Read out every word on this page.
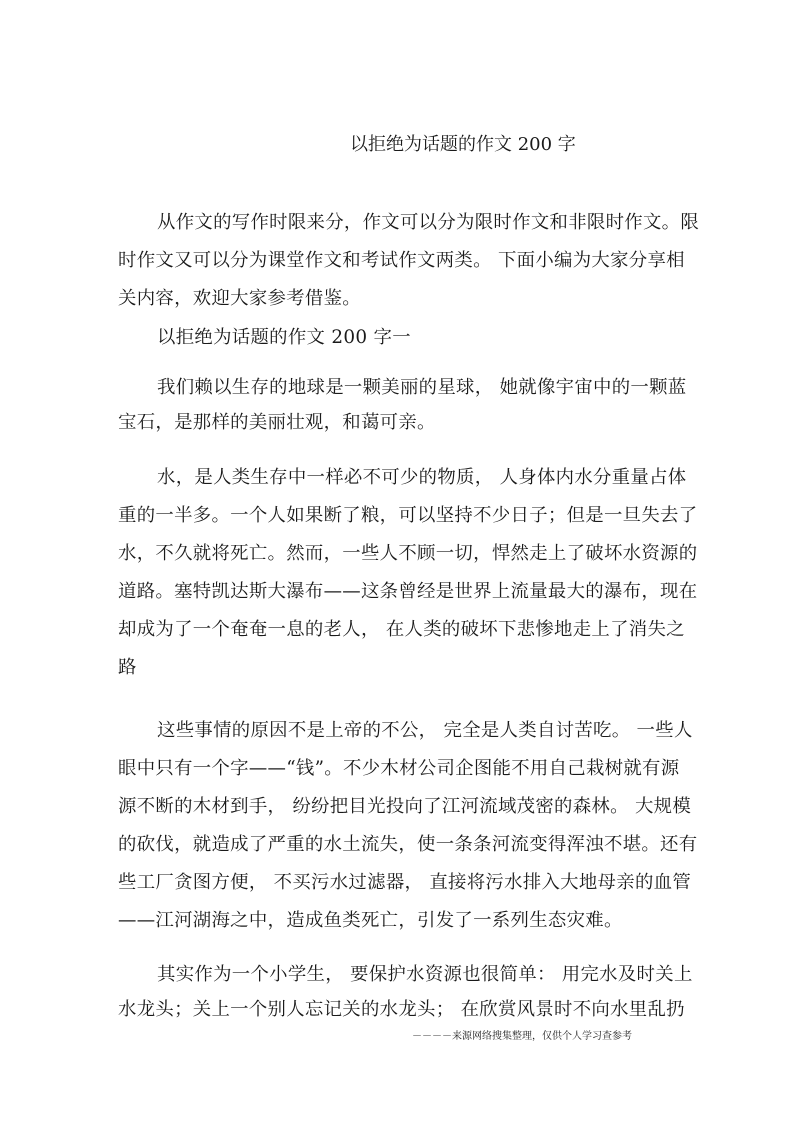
以拒绝为话题的作文 200 字
从作文的写作时限来分，作文可以分为限时作文和非限时作文。限
时作文又可以分为课堂作文和考试作文两类。 下面小编为大家分享相
关内容，欢迎大家参考借鉴。
以拒绝为话题的作文 200 字一
我们赖以生存的地球是一颗美丽的星球， 她就像宇宙中的一颗蓝
宝石，是那样的美丽壮观，和蔼可亲。
水，是人类生存中一样必不可少的物质， 人身体内水分重量占体
重的一半多。一个人如果断了粮，可以坚持不少日子；但是一旦失去了
水，不久就将死亡。然而，一些人不顾一切，悍然走上了破坏水资源的
道路。塞特凯达斯大瀑布——这条曾经是世界上流量最大的瀑布，现在
却成为了一个奄奄一息的老人， 在人类的破坏下悲惨地走上了消失之
路
这些事情的原因不是上帝的不公， 完全是人类自讨苦吃。 一些人
眼中只有一个字——“钱”。不少木材公司企图能不用自己栽树就有源
源不断的木材到手， 纷纷把目光投向了江河流域茂密的森林。 大规模
的砍伐，就造成了严重的水土流失，使一条条河流变得浑浊不堪。还有
些工厂贪图方便， 不买污水过滤器， 直接将污水排入大地母亲的血管
——江河湖海之中，造成鱼类死亡，引发了一系列生态灾难。
其实作为一个小学生， 要保护水资源也很简单： 用完水及时关上
水龙头；关上一个别人忘记关的水龙头； 在欣赏风景时不向水里乱扔
－－－－来源网络搜集整理，仅供个人学习查参考
